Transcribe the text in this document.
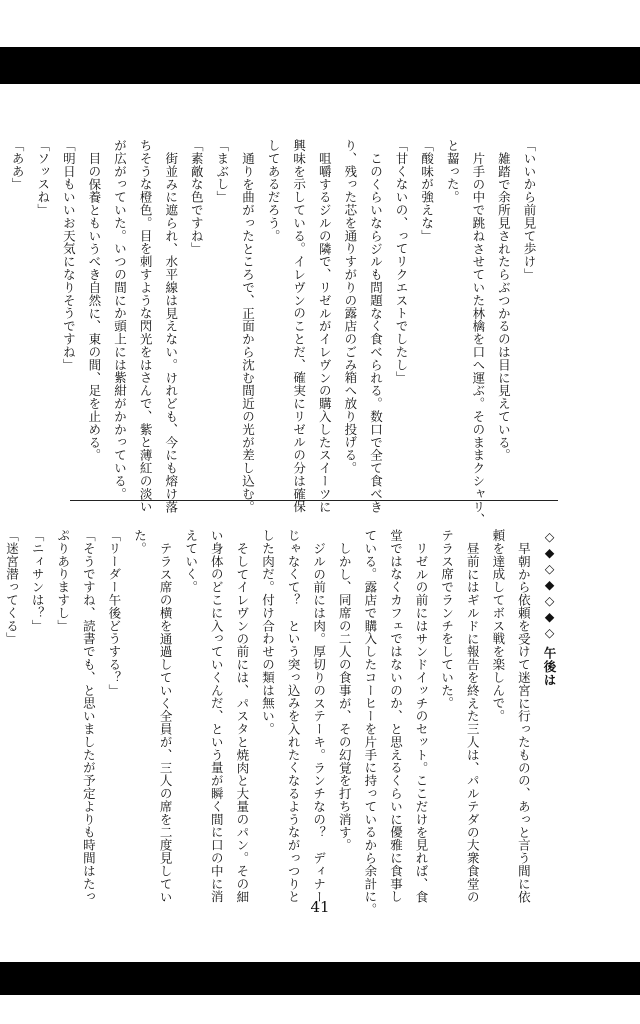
「いいから前見て歩け」
雑踏で余所見されたらぶつかるのは目に見えている。
片手の中で跳ねさせていた林檎を口へ運ぶ。そのままクシャリ、
と齧った。
「酸味が強えな」
「甘くないの、ってリクエストでしたし」
このくらいならジルも問題なく食べられる。数口で全て食べき
り、残った芯を通りすがりの露店のごみ箱へ放り投げる。
咀嚼するジルの隣で、リゼルがイレヴンの購入したスイーツに
興味を示している。イレヴンのことだ、確実にリゼルの分は確保
してあるだろう。
通りを曲がったところで、正面から沈む間近の光が差し込む。
「まぶし」
「素敵な色ですね」
街並みに遮られ、水平線は見えない。けれども、今にも熔け落
ちそうな橙色。目を刺すような閃光をはさんで、紫と薄紅の淡い
が広がっていた。いつの間にか頭上には紫紺がかかっている。
目の保養ともいうべき自然に、東の間、足を止める。
「明日もいいお天気になりそうですね」
「ソッスね」
「ああ」
◇◆◇◆◇◆◇ 午後は
早朝から依頼を受けて迷宮に行ったものの、あっと言う間に依
頼を達成してボス戦を楽しんで。
昼前にはギルドに報告を終えた三人は、パルテダの大衆食堂の
テラス席でランチをしていた。
リゼルの前にはサンドイッチのセット。ここだけを見れば、食
堂ではなくカフェではないのか、と思えるくらいに優雅に食事し
ている。露店で購入したコーヒーを片手に持っているから余計に。
しかし、同席の二人の食事が、その幻覚を打ち消す。
ジルの前には肉。厚切りのステーキ。ランチなの？　ディナー
じゃなくて？　という突っ込みを入れたくなるようながっつりと
した肉だ。付け合わせの類は無い。
そしてイレヴンの前には、パスタと焼肉と大量のパン。その細
い身体のどこに入っていくんだ、という量が瞬く間に口の中に消
えていく。
テラス席の横を通過していく全員が、三人の席を二度見してい
た。
「リーダー午後どうする？」
「そうですね、読書でも、と思いましたが予定よりも時間はたっ
ぷりありますし」
「ニィサンは？」
「迷宮潜ってくる」
41
